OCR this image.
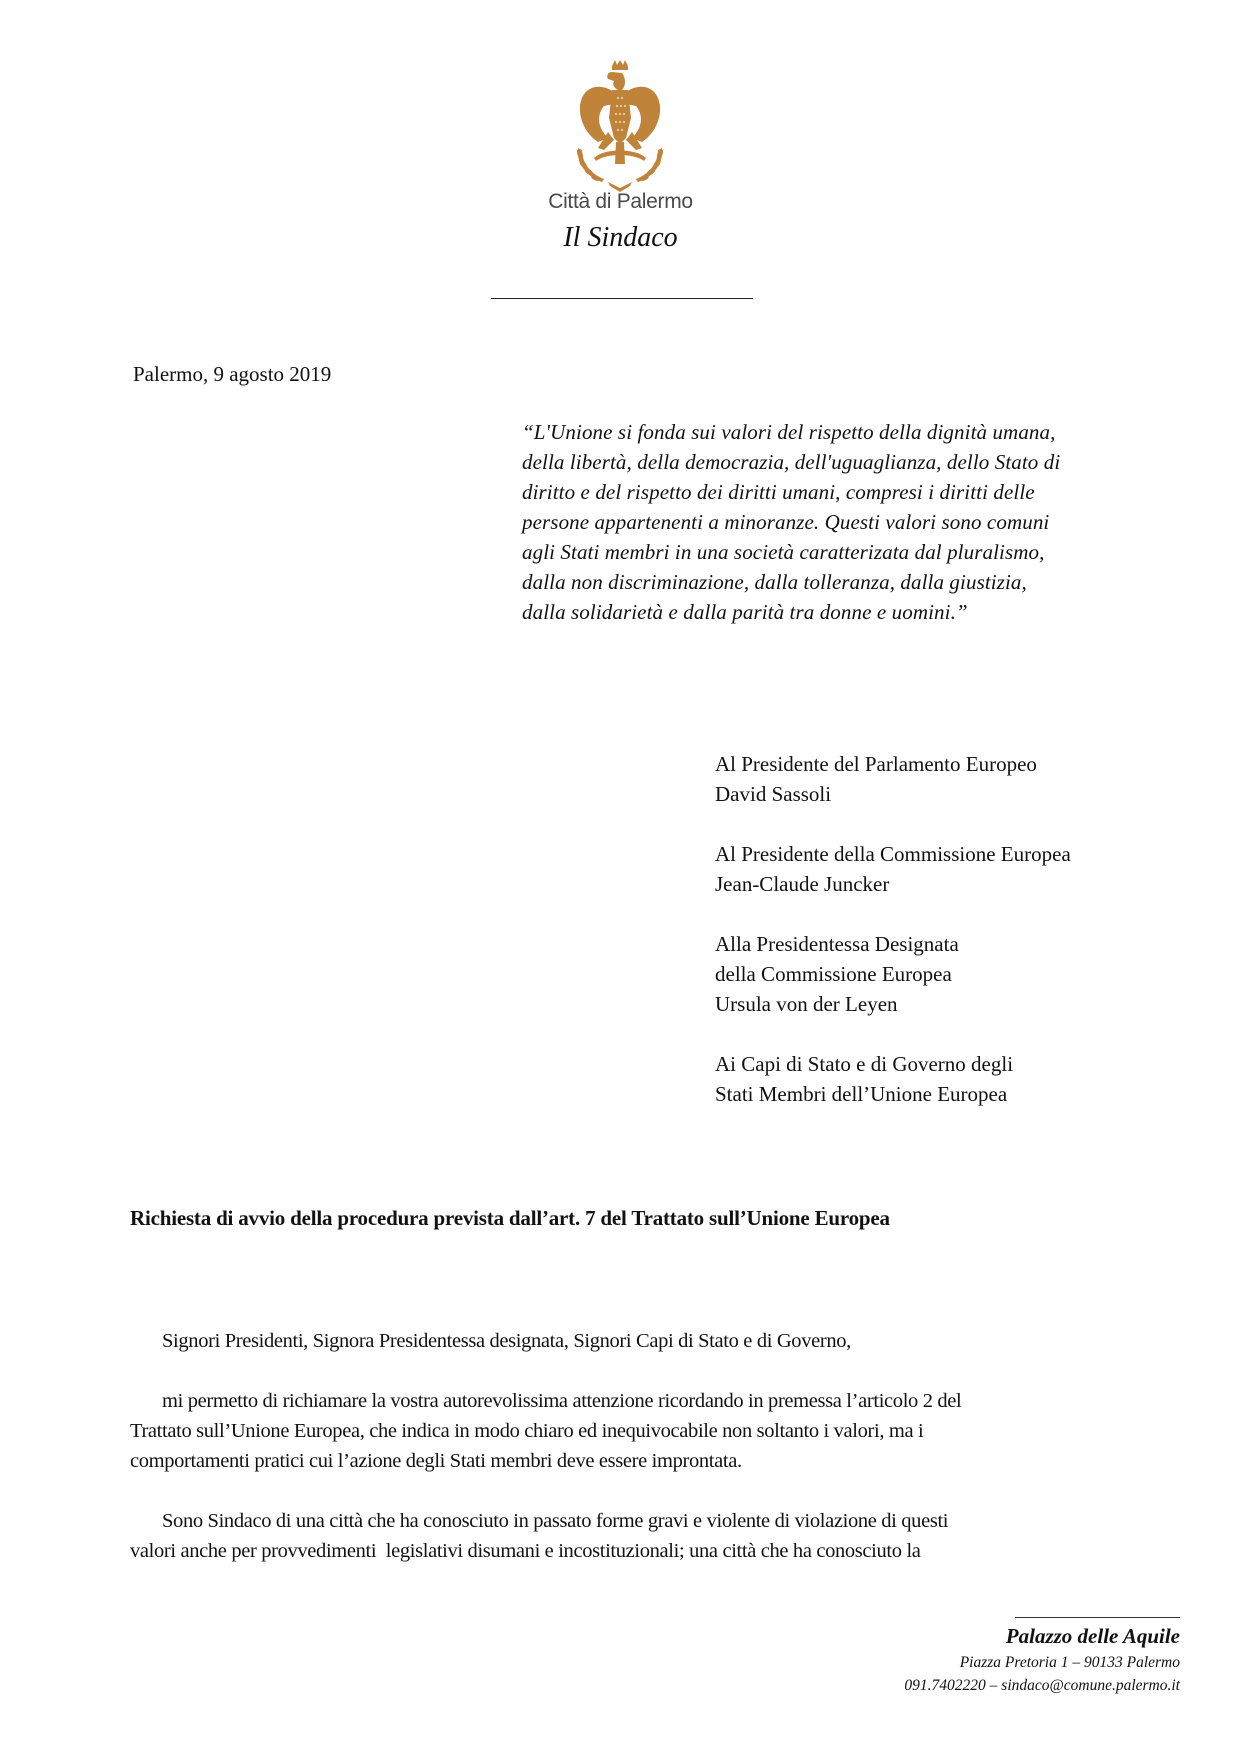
Città di Palermo
Il Sindaco
Palermo, 9 agosto 2019
“L'Unione si fonda sui valori del rispetto della dignità umana,
della libertà, della democrazia, dell'uguaglianza, dello Stato di
diritto e del rispetto dei diritti umani, compresi i diritti delle
persone appartenenti a minoranze. Questi valori sono comuni
agli Stati membri in una società caratterizata dal pluralismo,
dalla non discriminazione, dalla tolleranza, dalla giustizia,
dalla solidarietà e dalla parità tra donne e uomini.”
Al Presidente del Parlamento Europeo
David Sassoli
Al Presidente della Commissione Europea
Jean-Claude Juncker
Alla Presidentessa Designata
della Commissione Europea
Ursula von der Leyen
Ai Capi di Stato e di Governo degli
Stati Membri dell’Unione Europea
Richiesta di avvio della procedura prevista dall’art. 7 del Trattato sull’Unione Europea
Signori Presidenti, Signora Presidentessa designata, Signori Capi di Stato e di Governo,
mi permetto di richiamare la vostra autorevolissima attenzione ricordando in premessa l’articolo 2 del
Trattato sull’Unione Europea, che indica in modo chiaro ed inequivocabile non soltanto i valori, ma i
comportamenti pratici cui l’azione degli Stati membri deve essere improntata.
Sono Sindaco di una città che ha conosciuto in passato forme gravi e violente di violazione di questi
valori anche per provvedimenti  legislativi disumani e incostituzionali; una città che ha conosciuto la
Palazzo delle Aquile
Piazza Pretoria 1 – 90133 Palermo
091.7402220 – sindaco@comune.palermo.it
